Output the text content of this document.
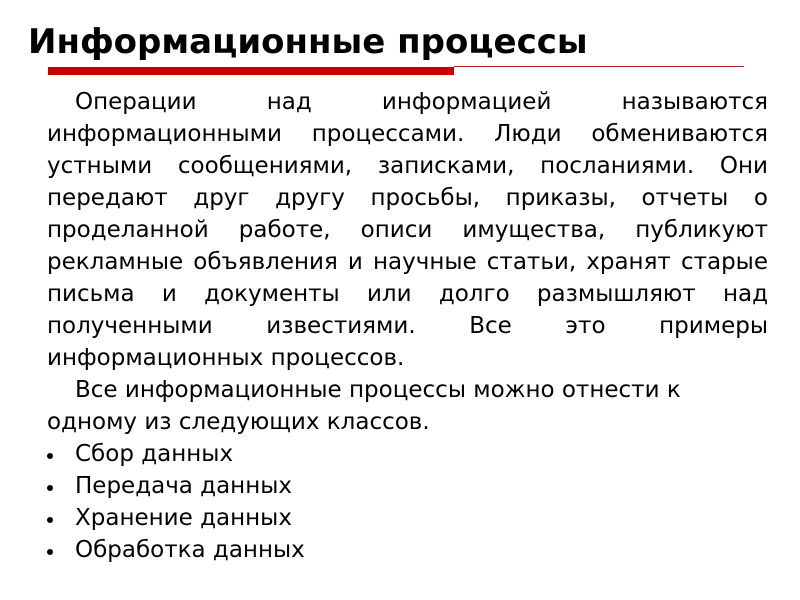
Информационные процессы

Операции над информацией называются информационными процессами. Люди обмениваются устными сообщениями, записками, посланиями. Они передают друг другу просьбы, приказы, отчеты о проделанной работе, описи имущества, публикуют рекламные объявления и научные статьи, хранят старые письма и документы или долго размышляют над полученными известиями. Все это примеры информационных процессов.

Все информационные процессы можно отнести к одному из следующих классов.

Сбор данных
Передача данных
Хранение данных
Обработка данных
